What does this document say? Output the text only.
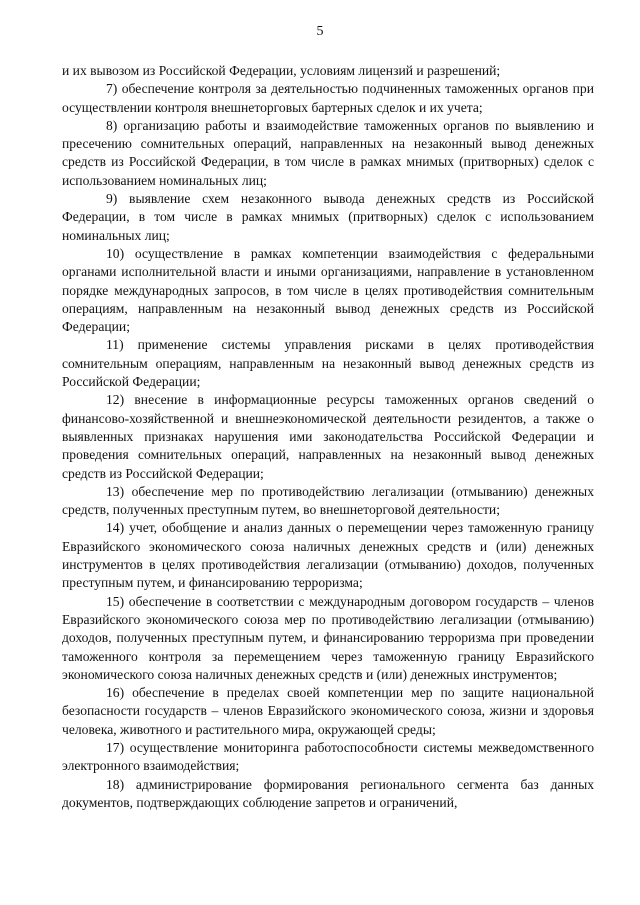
5

и их вывозом из Российской Федерации, условиям лицензий и разрешений;

7) обеспечение контроля за деятельностью подчиненных таможенных органов при осуществлении контроля внешнеторговых бартерных сделок и их учета;

8) организацию работы и взаимодействие таможенных органов по выявлению и пресечению сомнительных операций, направленных на незаконный вывод денежных средств из Российской Федерации, в том числе в рамках мнимых (притворных) сделок с использованием номинальных лиц;

9) выявление схем незаконного вывода денежных средств из Российской Федерации, в том числе в рамках мнимых (притворных) сделок с использованием номинальных лиц;

10) осуществление в рамках компетенции взаимодействия с федеральными органами исполнительной власти и иными организациями, направление в установленном порядке международных запросов, в том числе в целях противодействия сомнительным операциям, направленным на незаконный вывод денежных средств из Российской Федерации;

11) применение системы управления рисками в целях противодействия сомнительным операциям, направленным на незаконный вывод денежных средств из Российской Федерации;

12) внесение в информационные ресурсы таможенных органов сведений о финансово-хозяйственной и внешнеэкономической деятельности резидентов, а также о выявленных признаках нарушения ими законодательства Российской Федерации и проведения сомнительных операций, направленных на незаконный вывод денежных средств из Российской Федерации;

13) обеспечение мер по противодействию легализации (отмыванию) денежных средств, полученных преступным путем, во внешнеторговой деятельности;

14) учет, обобщение и анализ данных о перемещении через таможенную границу Евразийского экономического союза наличных денежных средств и (или) денежных инструментов в целях противодействия легализации (отмыванию) доходов, полученных преступным путем, и финансированию терроризма;

15) обеспечение в соответствии с международным договором государств – членов Евразийского экономического союза мер по противодействию легализации (отмыванию) доходов, полученных преступным путем, и финансированию терроризма при проведении таможенного контроля за перемещением через таможенную границу Евразийского экономического союза наличных денежных средств и (или) денежных инструментов;

16) обеспечение в пределах своей компетенции мер по защите национальной безопасности государств – членов Евразийского экономического союза, жизни и здоровья человека, животного и растительного мира, окружающей среды;

17) осуществление мониторинга работоспособности системы межведомственного электронного взаимодействия;

18) администрирование формирования регионального сегмента баз данных документов, подтверждающих соблюдение запретов и ограничений,
